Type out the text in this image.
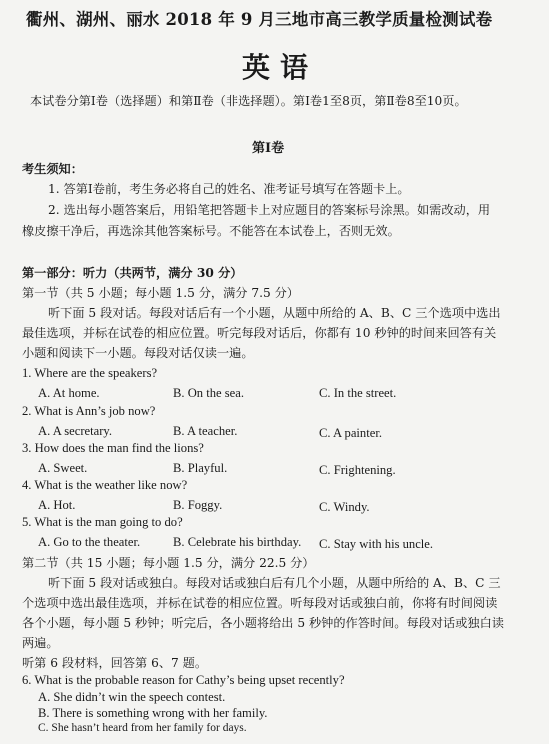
衢州、湖州、丽水 2018 年 9 月三地市高三教学质量检测试卷
英语
本试卷分第Ⅰ卷（选择题）和第Ⅱ卷（非选择题）。第Ⅰ卷1至8页，第Ⅱ卷8至10页。
第Ⅰ卷
考生须知：
1. 答第Ⅰ卷前，考生务必将自己的姓名、准考证号填写在答题卡上。
2. 选出每小题答案后，用铅笔把答题卡上对应题目的答案标号涂黑。如需改动，用
橡皮擦干净后，再选涂其他答案标号。不能答在本试卷上，否则无效。
第一部分：听力（共两节，满分 30 分）
第一节（共 5 小题；每小题 1.5 分，满分 7.5 分）
听下面 5 段对话。每段对话后有一个小题，从题中所给的 A、B、C 三个选项中选出
最佳选项，并标在试卷的相应位置。听完每段对话后，你都有 10 秒钟的时间来回答有关
小题和阅读下一小题。每段对话仅读一遍。
1. Where are the speakers?
A. At home.	B. On the sea.	C. In the street.
2. What is Ann’s job now?
A. A secretary.	B. A teacher.	C. A painter.
3. How does the man find the lions?
A. Sweet.	B. Playful.	C. Frightening.
4. What is the weather like now?
A. Hot.	B. Foggy.	C. Windy.
5. What is the man going to do?
A. Go to the theater.	B. Celebrate his birthday. C. Stay with his uncle.
第二节（共 15 小题；每小题 1.5 分，满分 22.5 分）
听下面 5 段对话或独白。每段对话或独白后有几个小题，从题中所给的 A、B、C 三
个选项中选出最佳选项，并标在试卷的相应位置。听每段对话或独白前，你将有时间阅读
各个小题，每小题 5 秒钟；听完后，各小题将给出 5 秒钟的作答时间。每段对话或独白读
两遍。
听第 6 段材料，回答第 6、7 题。
6. What is the probable reason for Cathy’s being upset recently?
A. She didn’t win the speech contest.
B. There is something wrong with her family.
C. She hasn’t heard from her family for days.
